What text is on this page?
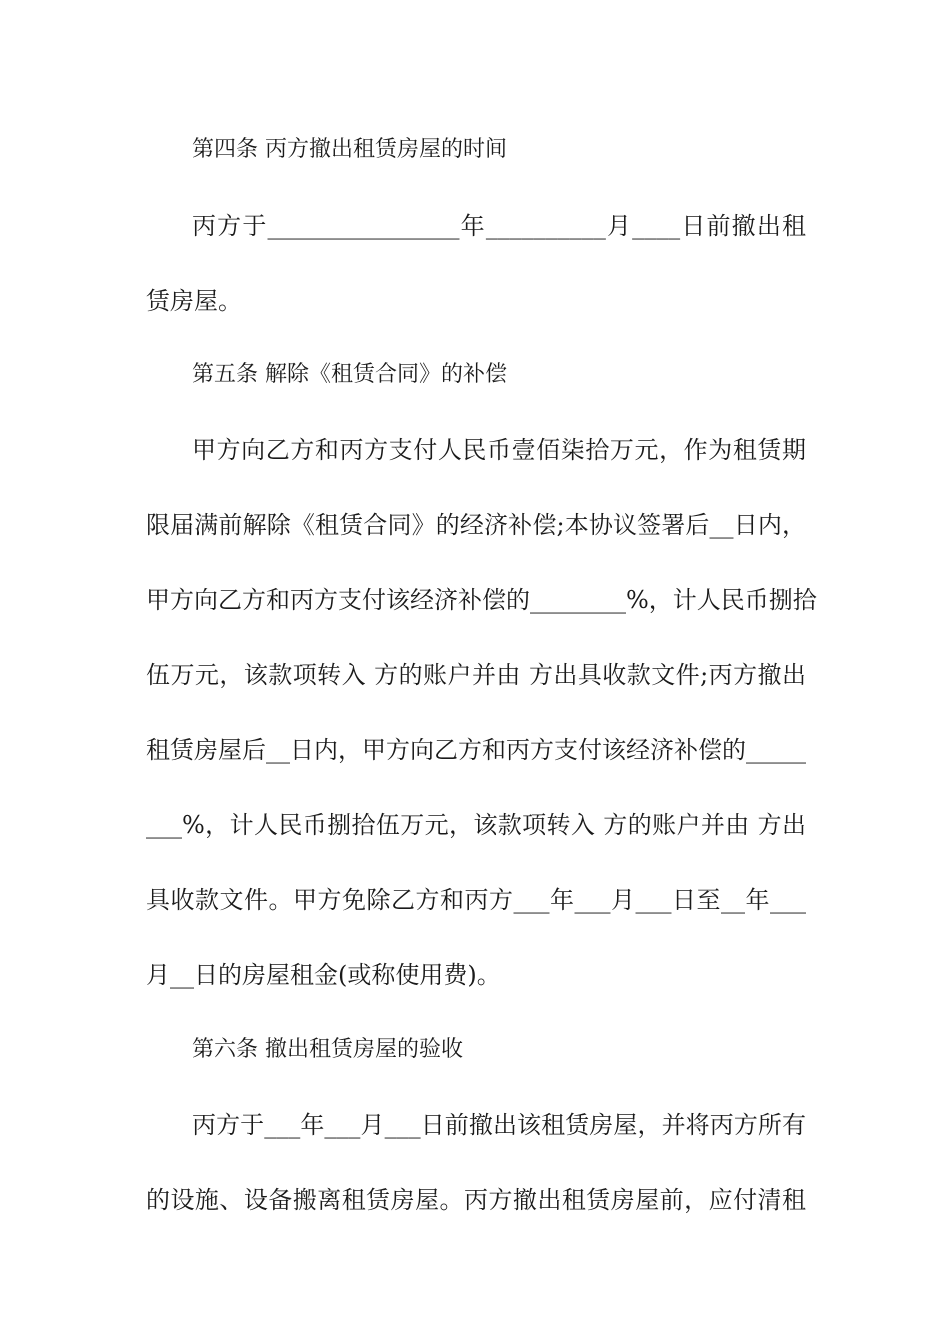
第四条 丙方撤出租赁房屋的时间
丙方于________________年__________月____日前撤出租
赁房屋。
第五条 解除《租赁合同》的补偿
甲方向乙方和丙方支付人民币壹佰柒拾万元，作为租赁期
限届满前解除《租赁合同》的经济补偿;本协议签署后__日内，
甲方向乙方和丙方支付该经济补偿的________%，计人民币捌拾
伍万元，该款项转入 方的账户并由 方出具收款文件;丙方撤出
租赁房屋后__日内，甲方向乙方和丙方支付该经济补偿的_____
___%，计人民币捌拾伍万元，该款项转入 方的账户并由 方出
具收款文件。甲方免除乙方和丙方___年___月___日至__年___
月__日的房屋租金(或称使用费)。
第六条 撤出租赁房屋的验收
丙方于___年___月___日前撤出该租赁房屋，并将丙方所有
的设施、设备搬离租赁房屋。丙方撤出租赁房屋前，应付清租
